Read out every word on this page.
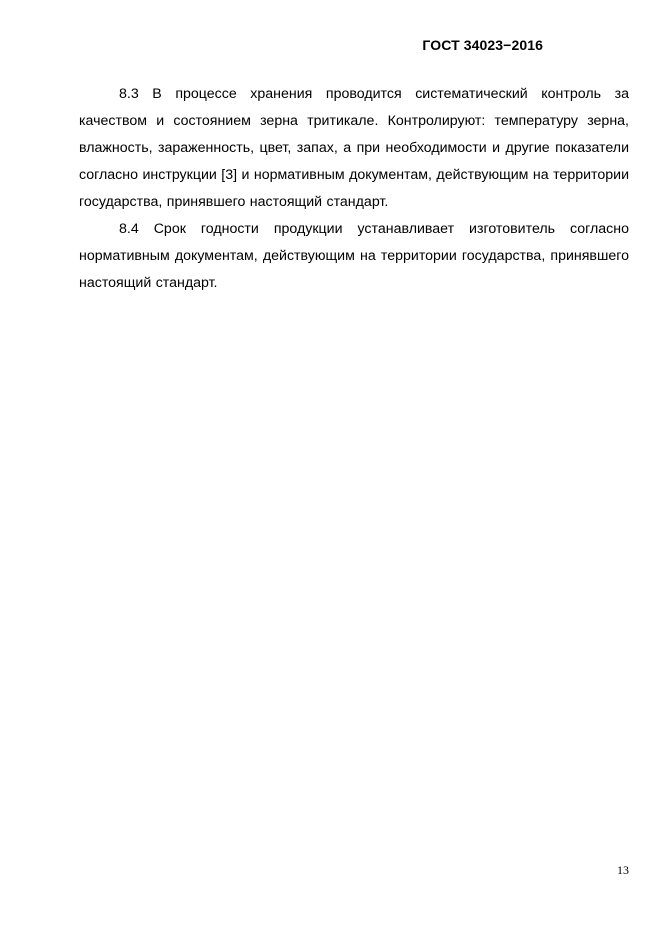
ГОСТ 34023−2016

8.3 В процессе хранения проводится систематический контроль за качеством и состоянием зерна тритикале. Контролируют: температуру зерна, влажность, зараженность, цвет, запах, а при необходимости и другие показатели согласно инструкции [3] и нормативным документам, действующим на территории государства, принявшего настоящий стандарт.

8.4 Срок годности продукции устанавливает изготовитель согласно нормативным документам, действующим на территории государства, принявшего настоящий стандарт.

13
